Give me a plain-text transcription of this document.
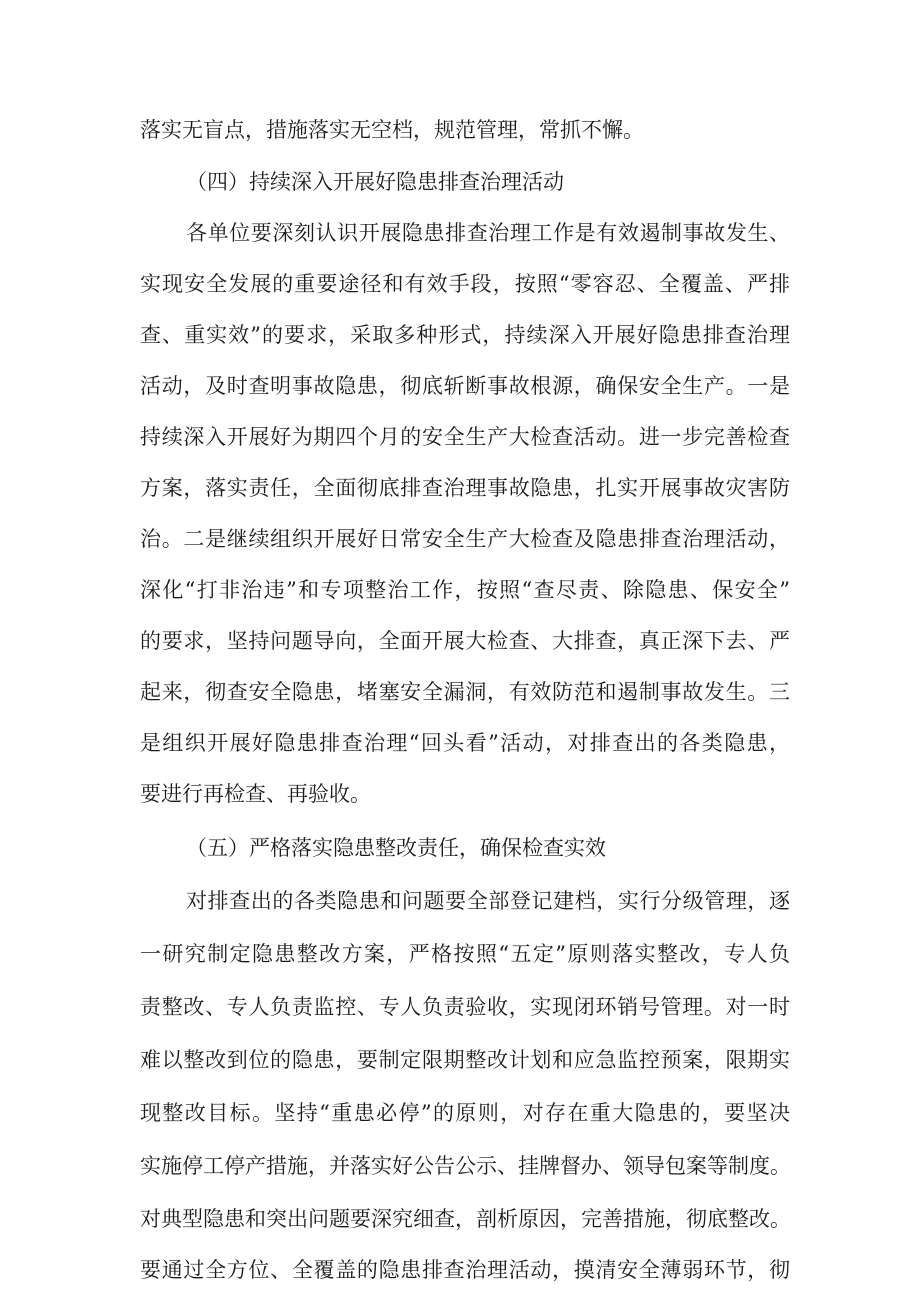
落实无盲点，措施落实无空档，规范管理，常抓不懈。
（四）持续深入开展好隐患排查治理活动
各单位要深刻认识开展隐患排查治理工作是有效遏制事故发生、
实现安全发展的重要途径和有效手段，按照“零容忍、全覆盖、严排
查、重实效”的要求，采取多种形式，持续深入开展好隐患排查治理
活动，及时查明事故隐患，彻底斩断事故根源，确保安全生产。一是
持续深入开展好为期四个月的安全生产大检查活动。进一步完善检查
方案，落实责任，全面彻底排查治理事故隐患，扎实开展事故灾害防
治。二是继续组织开展好日常安全生产大检查及隐患排查治理活动，
深化“打非治违”和专项整治工作，按照“查尽责、除隐患、保安全”
的要求，坚持问题导向，全面开展大检查、大排查，真正深下去、严
起来，彻查安全隐患，堵塞安全漏洞，有效防范和遏制事故发生。三
是组织开展好隐患排查治理“回头看”活动，对排查出的各类隐患，
要进行再检查、再验收。
（五）严格落实隐患整改责任，确保检查实效
对排查出的各类隐患和问题要全部登记建档，实行分级管理，逐
一研究制定隐患整改方案，严格按照“五定”原则落实整改，专人负
责整改、专人负责监控、专人负责验收，实现闭环销号管理。对一时
难以整改到位的隐患，要制定限期整改计划和应急监控预案，限期实
现整改目标。坚持“重患必停”的原则，对存在重大隐患的，要坚决
实施停工停产措施，并落实好公告公示、挂牌督办、领导包案等制度。
对典型隐患和突出问题要深究细查，剖析原因，完善措施，彻底整改。
要通过全方位、全覆盖的隐患排查治理活动，摸清安全薄弱环节，彻
